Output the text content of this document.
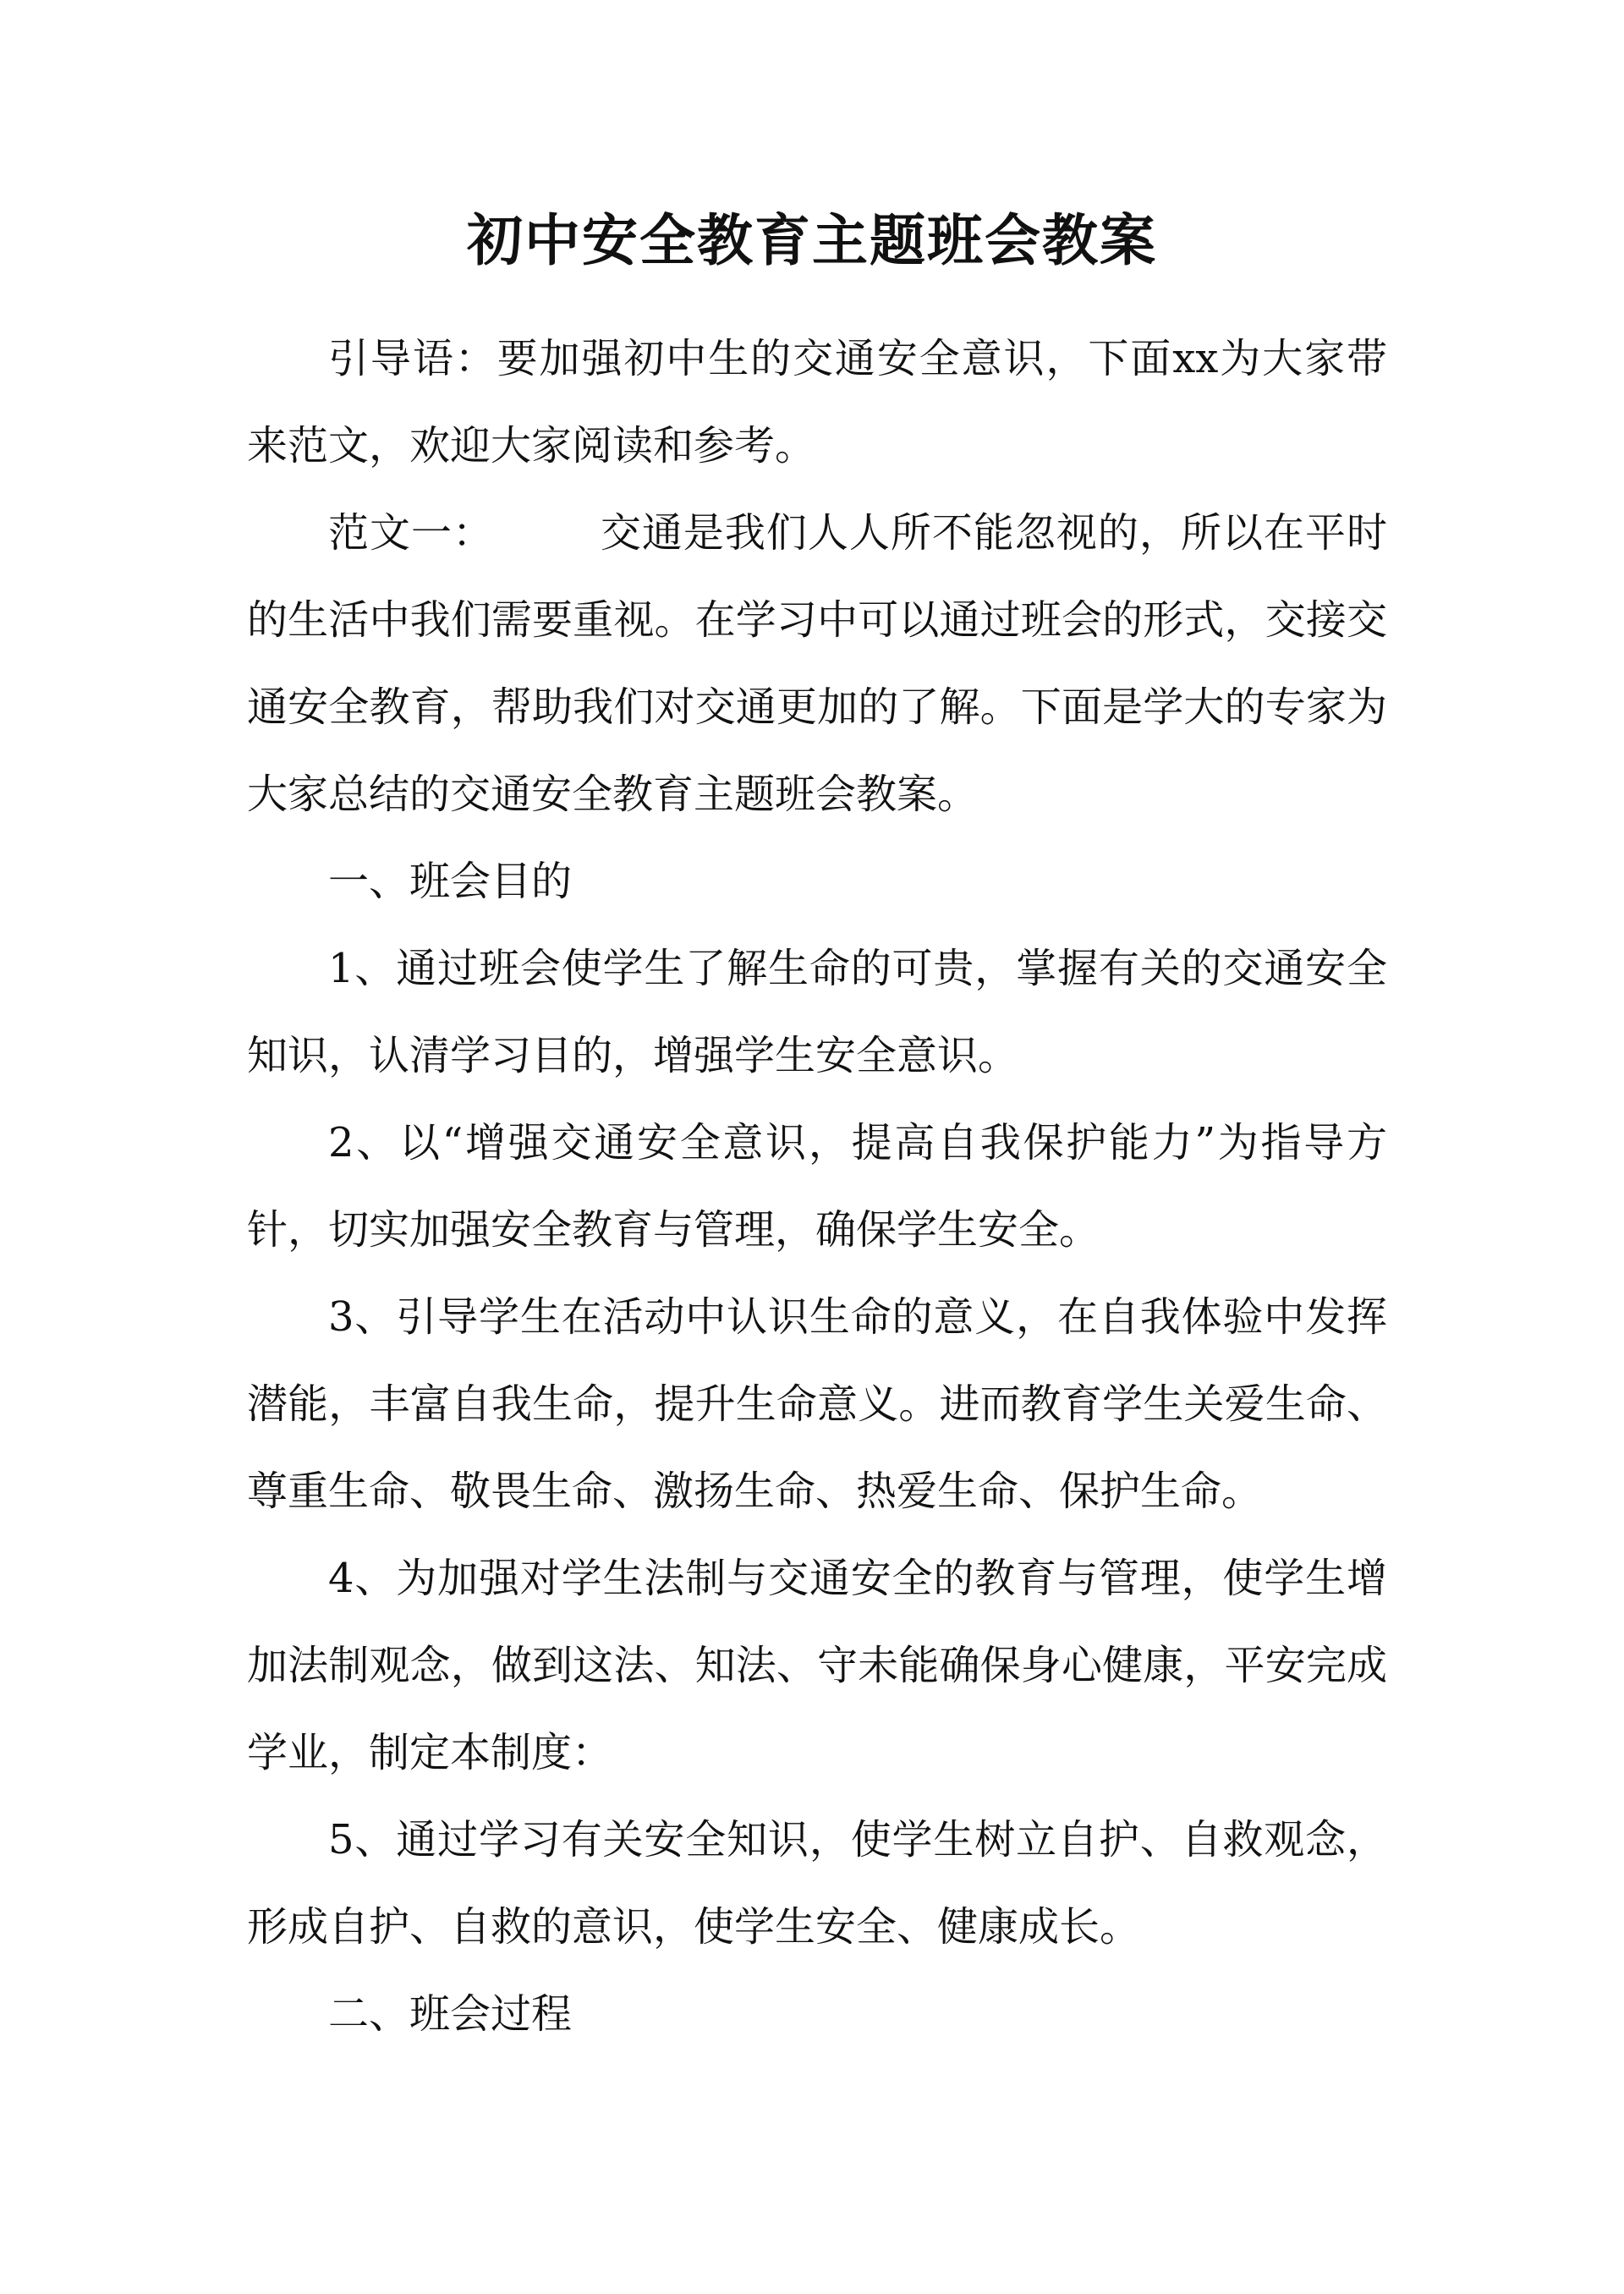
初中安全教育主题班会教案

引导语：要加强初中生的交通安全意识，下面xx为大家带来范文，欢迎大家阅读和参考。

范文一：	交通是我们人人所不能忽视的，所以在平时的生活中我们需要重视。在学习中可以通过班会的形式，交接交通安全教育，帮助我们对交通更加的了解。下面是学大的专家为大家总结的交通安全教育主题班会教案。

一、班会目的

1、通过班会使学生了解生命的可贵，掌握有关的交通安全知识，认清学习目的，增强学生安全意识。

2、以“增强交通安全意识，提高自我保护能力”为指导方针，切实加强安全教育与管理，确保学生安全。

3、引导学生在活动中认识生命的意义，在自我体验中发挥潜能，丰富自我生命，提升生命意义。进而教育学生关爱生命、尊重生命、敬畏生命、激扬生命、热爱生命、保护生命。

4、为加强对学生法制与交通安全的教育与管理，使学生增加法制观念，做到这法、知法、守未能确保身心健康，平安完成学业，制定本制度：

5、通过学习有关安全知识，使学生树立自护、自救观念，形成自护、自救的意识，使学生安全、健康成长。

二、班会过程
